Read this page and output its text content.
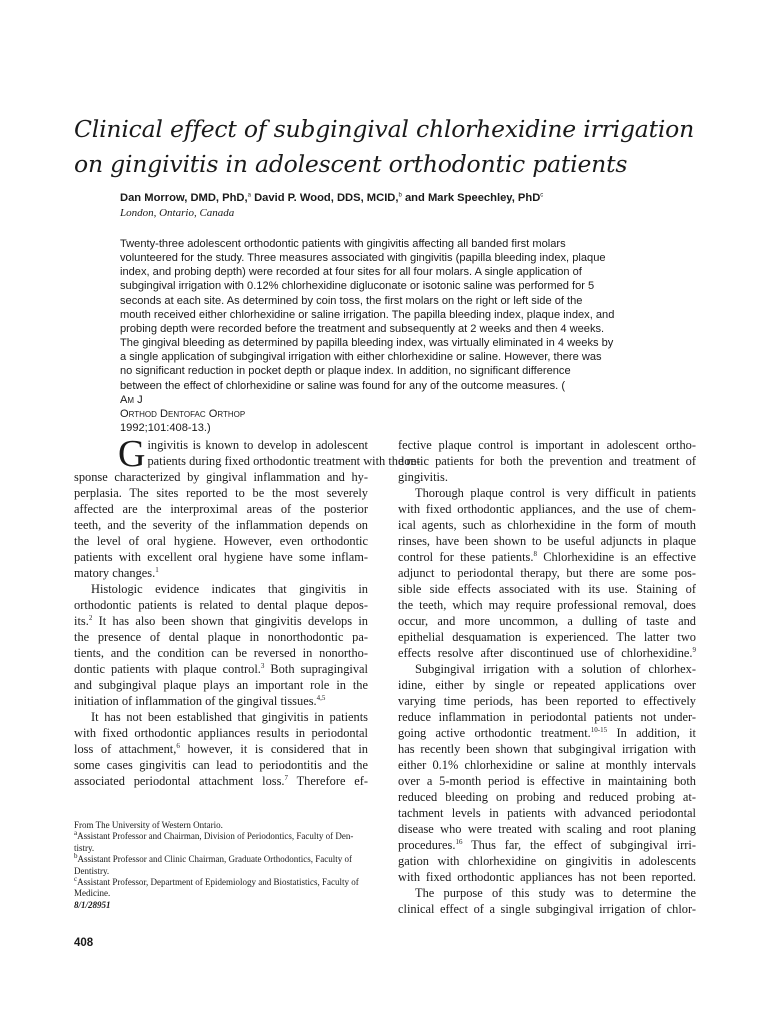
Clinical effect of subgingival chlorhexidine irrigation
on gingivitis in adolescent orthodontic patients
Dan Morrow, DMD, PhD,$^a$ David P. Wood, DDS, MCID,$^b$ and Mark Speechley, PhD$^c$
London, Ontario, Canada
Twenty-three adolescent orthodontic patients with gingivitis affecting all banded first molars
volunteered for the study. Three measures associated with gingivitis (papilla bleeding index, plaque
index, and probing depth) were recorded at four sites for all four molars. A single application of
subgingival irrigation with 0.12% chlorhexidine digluconate or isotonic saline was performed for 5
seconds at each site. As determined by coin toss, the first molars on the right or left side of the
mouth received either chlorhexidine or saline irrigation. The papilla bleeding index, plaque index, and
probing depth were recorded before the treatment and subsequently at 2 weeks and then 4 weeks.
The gingival bleeding as determined by papilla bleeding index, was virtually eliminated in 4 weeks by
a single application of subgingival irrigation with either chlorhexidine or saline. However, there was
no significant reduction in pocket depth or plaque index. In addition, no significant difference
between the effect of chlorhexidine or saline was found for any of the outcome measures. (
Am J
Orthod Dentofac Orthop
1992;101:408-13.)

G ingivitis is known to develop in adolescent
patients during fixed orthodontic treatment with the re-
sponse characterized by gingival inflammation and hy-
perplasia. The sites reported to be the most severely
affected are the interproximal areas of the posterior
teeth, and the severity of the inflammation depends on
the level of oral hygiene. However, even orthodontic
patients with excellent oral hygiene have some inflam-
matory changes.$^1$

Histologic evidence indicates that gingivitis in
orthodontic patients is related to dental plaque depos-
its.$^2$ It has also been shown that gingivitis develops in
the presence of dental plaque in nonorthodontic pa-
tients, and the condition can be reversed in nonortho-
dontic patients with plaque control.$^3$ Both supragingival
and subgingival plaque plays an important role in the
initiation of inflammation of the gingival tissues.$^{4,5}$

It has not been established that gingivitis in patients
with fixed orthodontic appliances results in periodontal
loss of attachment,$^6$ however, it is considered that in
some cases gingivitis can lead to periodontitis and the
associated periodontal attachment loss.$^7$ Therefore ef-

fective plaque control is important in adolescent ortho-
dontic patients for both the prevention and treatment of
gingivitis.

Thorough plaque control is very difficult in patients
with fixed orthodontic appliances, and the use of chem-
ical agents, such as chlorhexidine in the form of mouth
rinses, have been shown to be useful adjuncts in plaque
control for these patients.$^8$ Chlorhexidine is an effective
adjunct to periodontal therapy, but there are some pos-
sible side effects associated with its use. Staining of
the teeth, which may require professional removal, does
occur, and more uncommon, a dulling of taste and
epithelial desquamation is experienced. The latter two
effects resolve after discontinued use of chlorhexidine.$^9$

Subgingival irrigation with a solution of chlorhex-
idine, either by single or repeated applications over
varying time periods, has been reported to effectively
reduce inflammation in periodontal patients not under-
going active orthodontic treatment.$^{10-15}$ In addition, it
has recently been shown that subgingival irrigation with
either 0.1% chlorhexidine or saline at monthly intervals
over a 5-month period is effective in maintaining both
reduced bleeding on probing and reduced probing at-
tachment levels in patients with advanced periodontal
disease who were treated with scaling and root planing
procedures.$^{16}$ Thus far, the effect of subgingival irri-
gation with chlorhexidine on gingivitis in adolescents
with fixed orthodontic appliances has not been reported.

The purpose of this study was to determine the
clinical effect of a single subgingival irrigation of chlor-

From The University of Western Ontario.
$^a$Assistant Professor and Chairman, Division of Periodontics, Faculty of Den-
tistry.
$^b$Assistant Professor and Clinic Chairman, Graduate Orthodontics, Faculty of
Dentistry.
$^c$Assistant Professor, Department of Epidemiology and Biostatistics, Faculty of
Medicine.
8/1/28951
408
